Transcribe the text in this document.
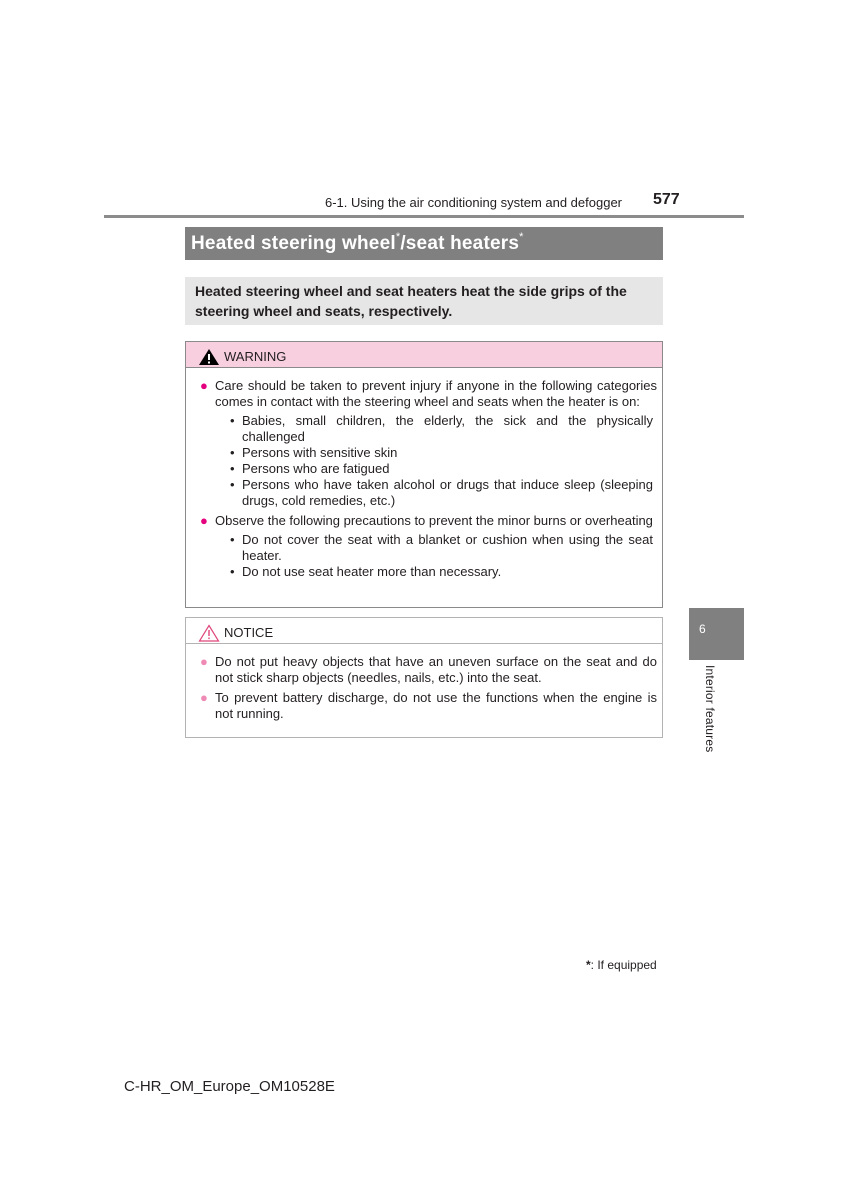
6-1. Using the air conditioning system and defogger 577
Heated steering wheel*/seat heaters*
Heated steering wheel and seat heaters heat the side grips of the steering wheel and seats, respectively.
WARNING
● Care should be taken to prevent injury if anyone in the following categories comes in contact with the steering wheel and seats when the heater is on:
• Babies, small children, the elderly, the sick and the physically challenged
• Persons with sensitive skin
• Persons who are fatigued
• Persons who have taken alcohol or drugs that induce sleep (sleeping drugs, cold remedies, etc.)
● Observe the following precautions to prevent the minor burns or overheating
• Do not cover the seat with a blanket or cushion when using the seat heater.
• Do not use seat heater more than necessary.
NOTICE
● Do not put heavy objects that have an uneven surface on the seat and do not stick sharp objects (needles, nails, etc.) into the seat.
● To prevent battery discharge, do not use the functions when the engine is not running.
6
Interior features
*: If equipped
C-HR_OM_Europe_OM10528E
